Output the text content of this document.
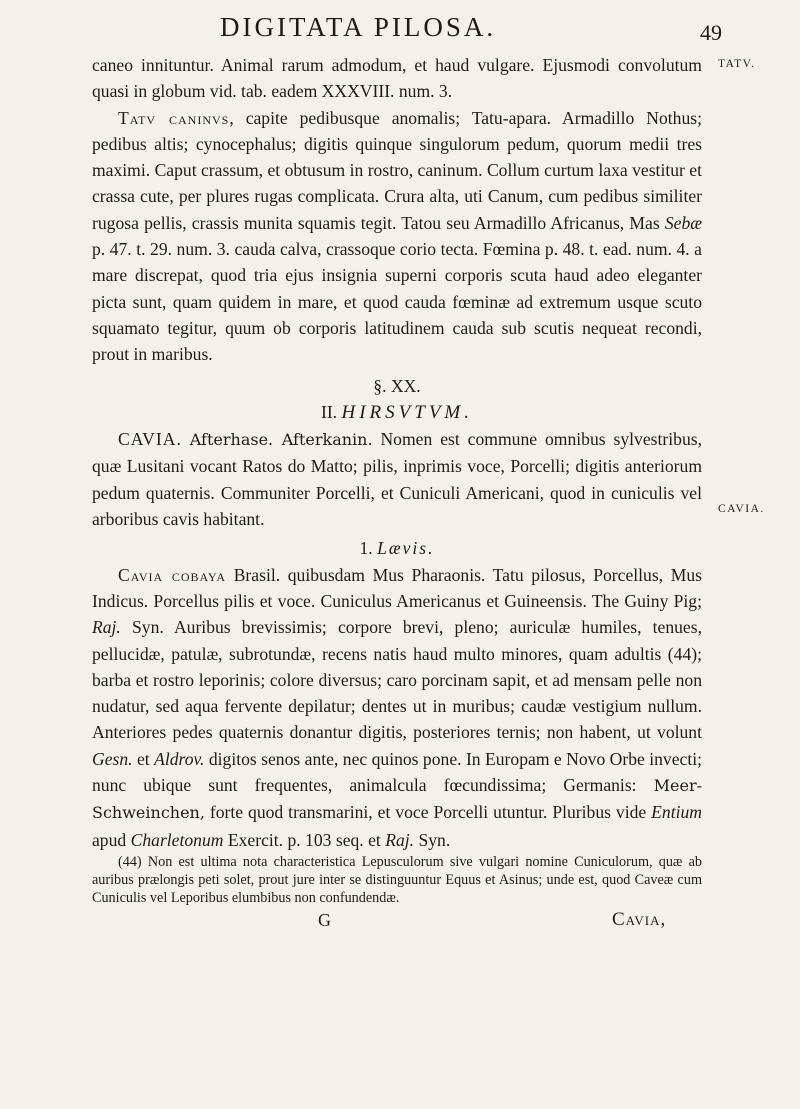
DIGITATA PILOSA.	49
TATV.
CAVIA.

caneo innituntur. Animal rarum admodum, et haud vulgare. Ejusmodi convolutum quasi in globum vid. tab. eadem XXXVIII. num. 3.

Tatv caninvs, capite pedibusque anomalis; Tatu-apara. Armadillo Nothus; pedibus altis; cynocephalus; digitis quinque singulorum pedum, quorum medii tres maximi. Caput crassum, et obtusum in rostro, caninum. Collum curtum laxa vestitur et crassa cute, per plures rugas complicata. Crura alta, uti Canum, cum pedibus similiter rugosa pellis, crassis munita squamis tegit. Tatou seu Armadillo Africanus, Mas Sebæ p. 47. t. 29. num. 3. cauda calva, crassoque corio tecta. Fœmina p. 48. t. ead. num. 4. a mare discrepat, quod tria ejus insignia superni corporis scuta haud adeo eleganter picta sunt, quam quidem in mare, et quod cauda fœminæ ad extremum usque scuto squamato tegitur, quum ob corporis latitudinem cauda sub scutis nequeat recondi, prout in maribus.

§. XX.

II. HIRSVTVM.

CAVIA. Afterhase. Afterkanin. Nomen est commune omnibus sylvestribus, quæ Lusitani vocant Ratos do Matto; pilis, inprimis voce, Porcelli; digitis anteriorum pedum quaternis. Communiter Porcelli, et Cuniculi Americani, quod in cuniculis vel arboribus cavis habitant.

1. Lævis.

Cavia cobaya Brasil. quibusdam Mus Pharaonis. Tatu pilosus, Porcellus, Mus Indicus. Porcellus pilis et voce. Cuniculus Americanus et Guineensis. The Guiny Pig; Raj. Syn. Auribus brevissimis; corpore brevi, pleno; auriculæ humiles, tenues, pellucidæ, patulæ, subrotundæ, recens natis haud multo minores, quam adultis (44); barba et rostro leporinis; colore diversus; caro porcinam sapit, et ad mensam pelle non nudatur, sed aqua fervente depilatur; dentes ut in muribus; caudæ vestigium nullum. Anteriores pedes quaternis donantur digitis, posteriores ternis; non habent, ut volunt Gesn. et Aldrov. digitos senos ante, nec quinos pone. In Europam e Novo Orbe invecti; nunc ubique sunt frequentes, animalcula fœcundissima; Germanis: Meer-Schweinchen, forte quod transmarini, et voce Porcelli utuntur. Pluribus vide Entium apud Charletonum Exercit. p. 103 seq. et Raj. Syn.

(44) Non est ultima nota characteristica Lepusculorum sive vulgari nomine Cuniculorum, quæ ab auribus prælongis peti solet, prout jure inter se distinguuntur Equus et Asinus; unde est, quod Caveæ cum Cuniculis vel Leporibus elumbibus non confundendæ.

G	Cavia,
